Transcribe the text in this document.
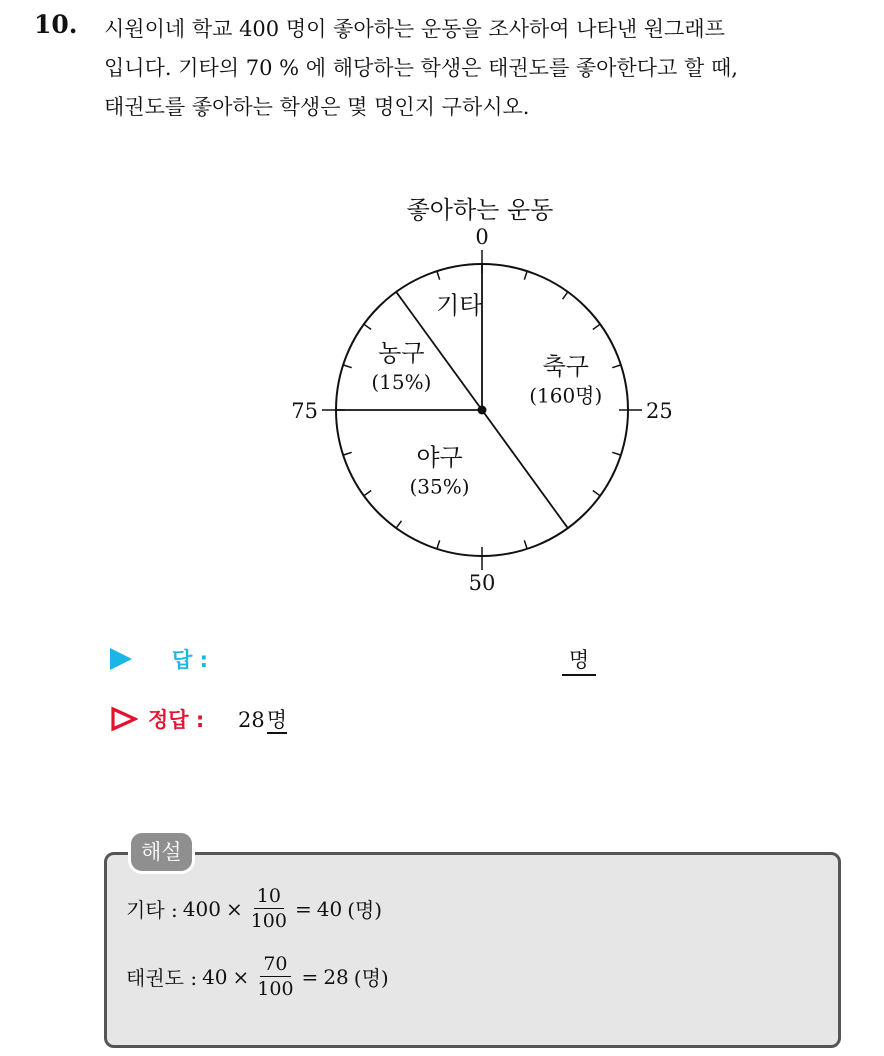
10. 시원이네 학교 400 명이 좋아하는 운동을 조사하여 나타낸 원그래프
입니다. 기타의 70 % 에 해당하는 학생은 태권도를 좋아한다고 할 때,
태권도를 좋아하는 학생은 몇 명인지 구하시오.
좋아하는 운동
0
25
50
75
축구
(160명)
야구
(35%)
농구
(15%)
기타
답 :	명
정답 : 28명
해설
기타 : $400 \times \frac{10}{100} = 40$ (명)
태권도 : $40 \times \frac{70}{100} = 28$ (명)
